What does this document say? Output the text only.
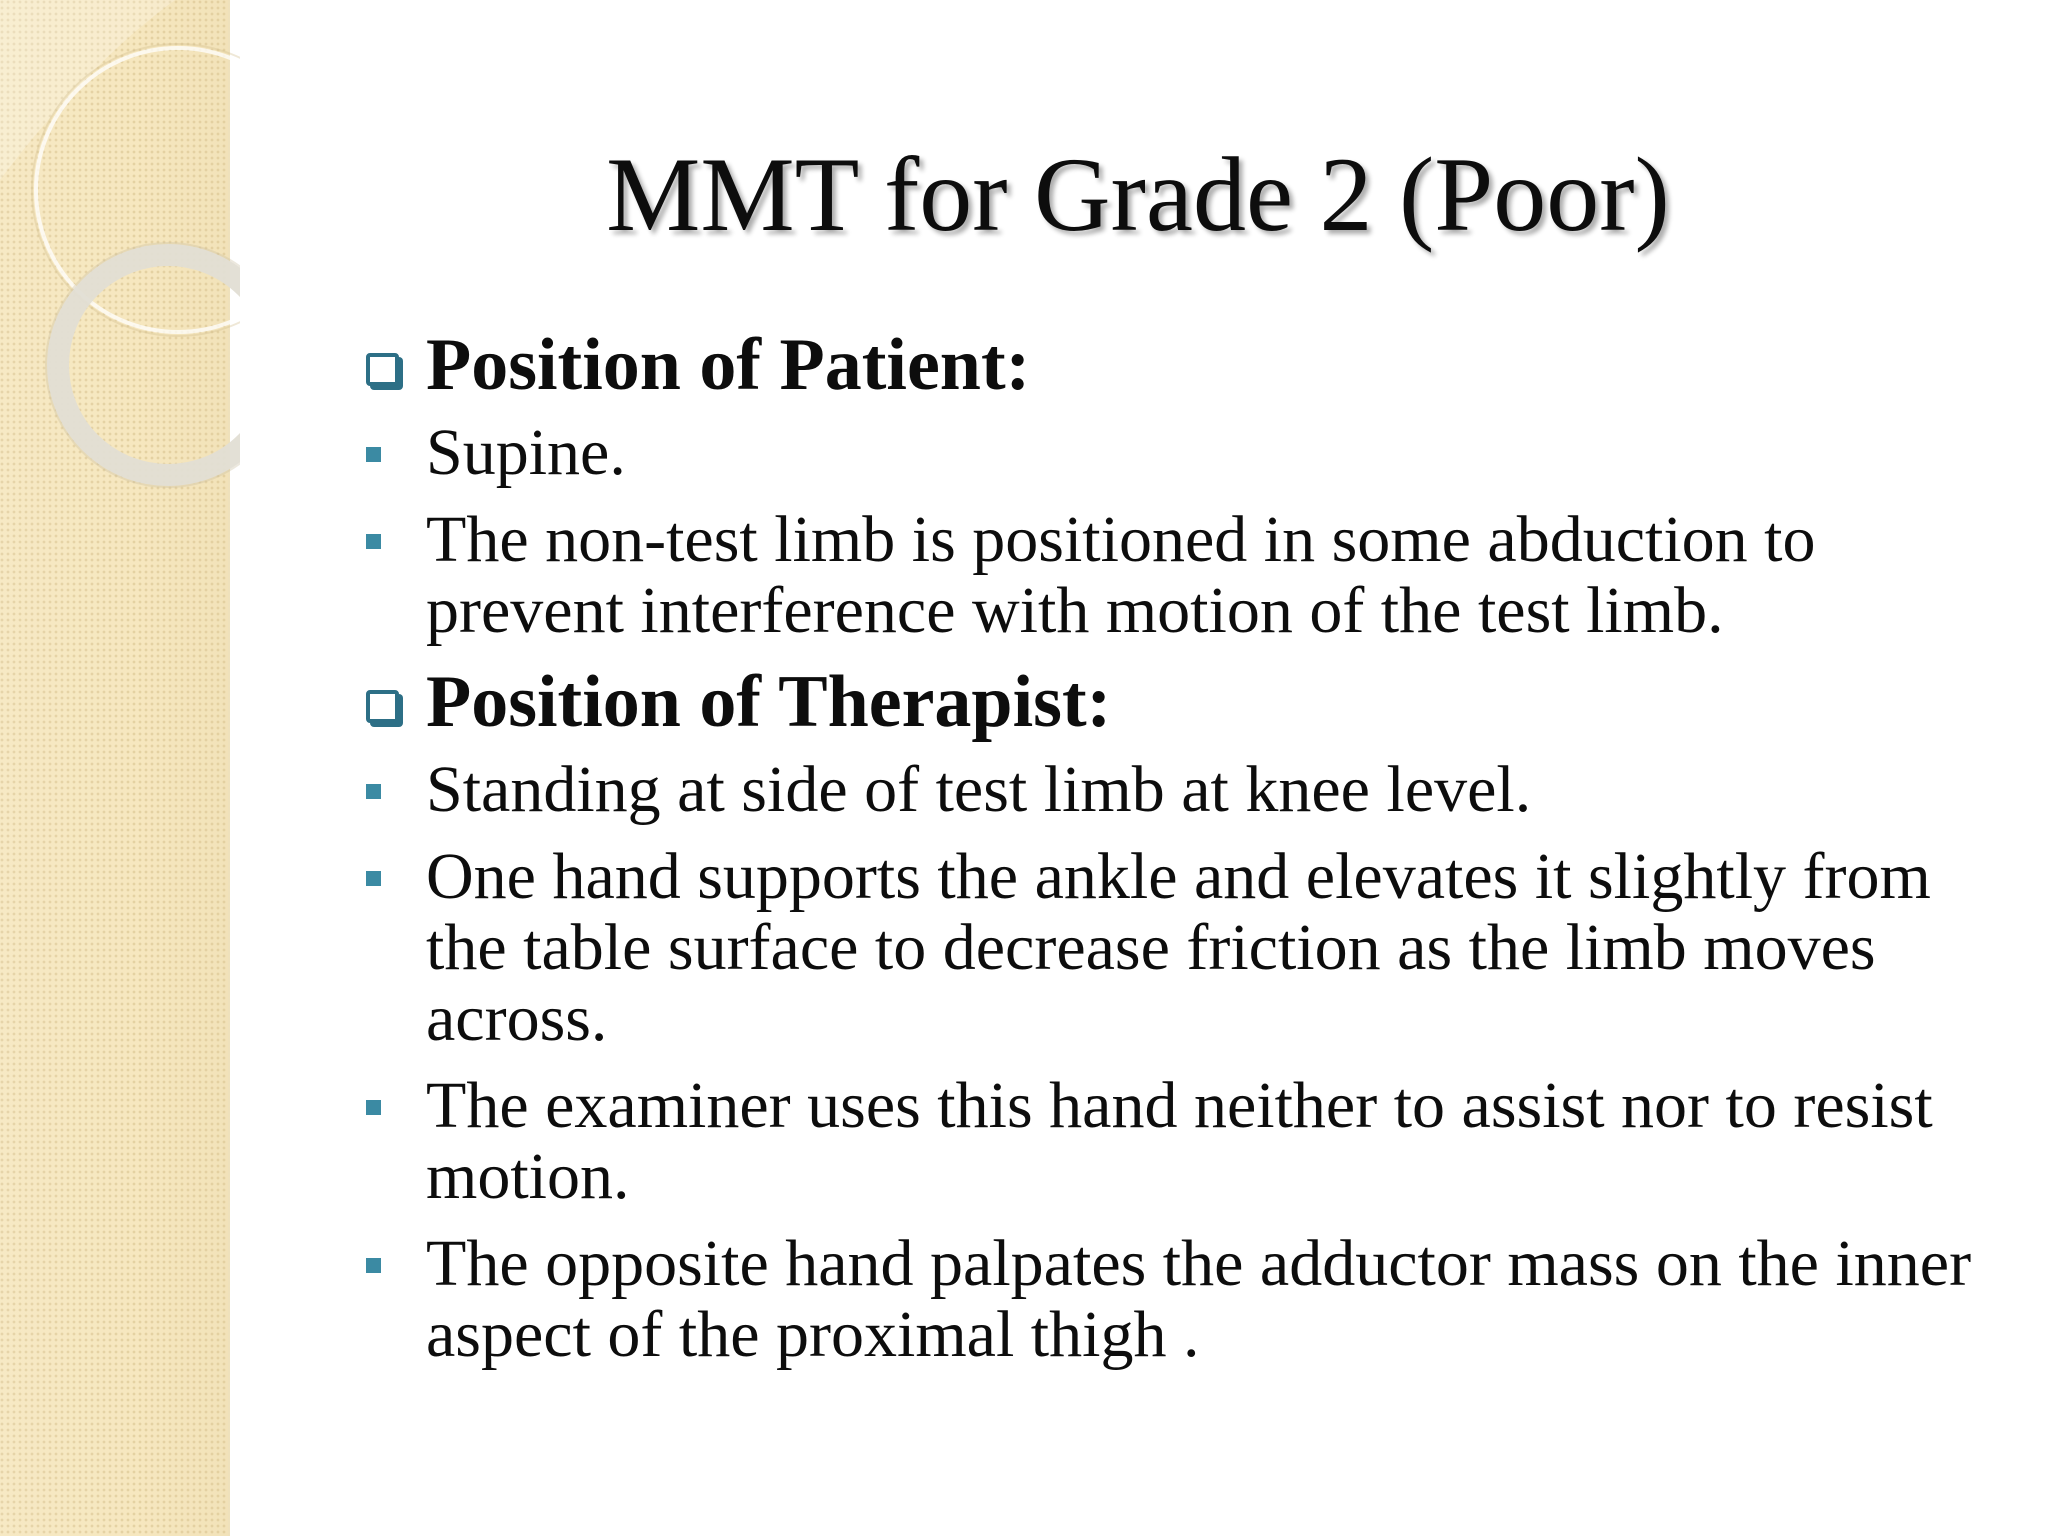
MMT for Grade 2 (Poor)
Position of Patient:
Supine.
The non-test limb is positioned in some abduction to prevent interference with motion of the test limb.
Position of Therapist:
Standing at side of test limb at knee level.
One hand supports the ankle and elevates it slightly from the table surface to decrease friction as the limb moves across.
The examiner uses this hand neither to assist nor to resist motion.
The opposite hand palpates the adductor mass on the inner aspect of the proximal thigh .
